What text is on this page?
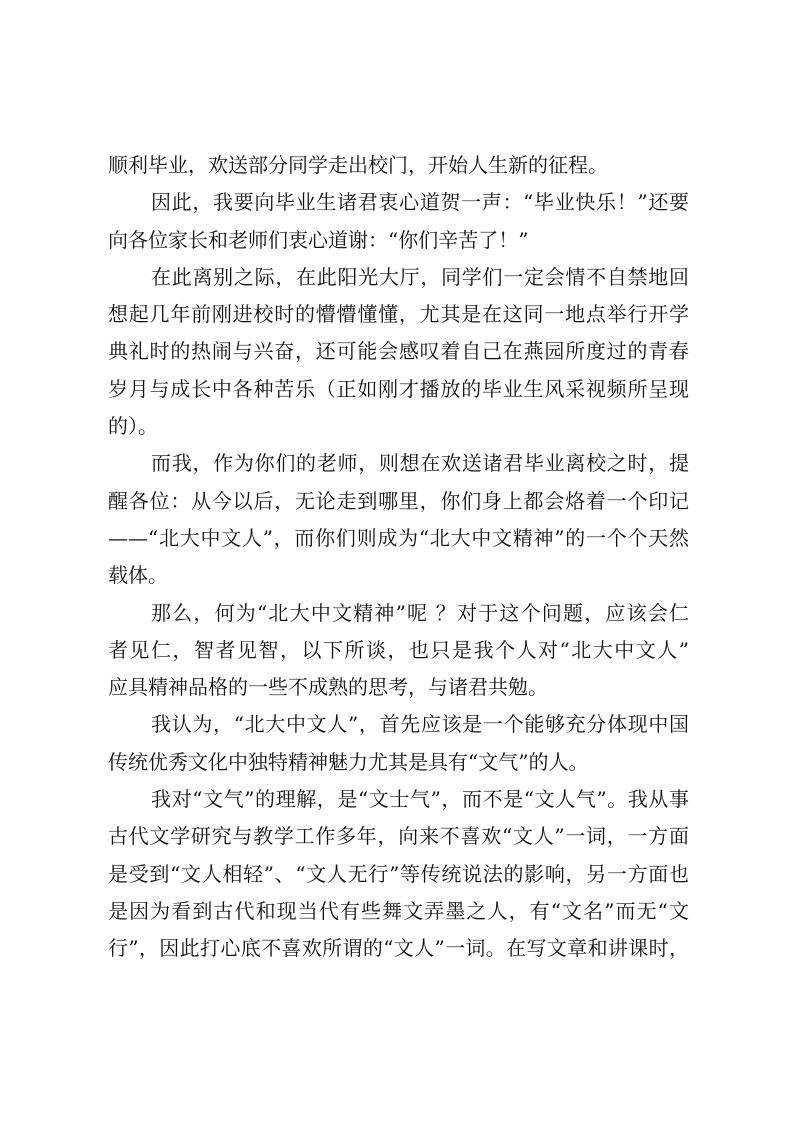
顺利毕业，欢送部分同学走出校门，开始人生新的征程。
因此，我要向毕业生诸君衷心道贺一声：“毕业快乐！”还要
向各位家长和老师们衷心道谢：“你们辛苦了！”
在此离别之际，在此阳光大厅，同学们一定会情不自禁地回
想起几年前刚进校时的懵懵懂懂，尤其是在这同一地点举行开学
典礼时的热闹与兴奋，还可能会感叹着自己在燕园所度过的青春
岁月与成长中各种苦乐（正如刚才播放的毕业生风采视频所呈现
的）。
而我，作为你们的老师，则想在欢送诸君毕业离校之时，提
醒各位：从今以后，无论走到哪里，你们身上都会烙着一个印记
——“北大中文人”，而你们则成为“北大中文精神”的一个个天然
载体。
那么，何为“北大中文精神”呢 ？对于这个问题，应该会仁
者见仁，智者见智，以下所谈，也只是我个人对“北大中文人”
应具精神品格的一些不成熟的思考，与诸君共勉。
我认为，“北大中文人”，首先应该是一个能够充分体现中国
传统优秀文化中独特精神魅力尤其是具有“文气”的人。
我对“文气”的理解，是“文士气”，而不是“文人气”。我从事
古代文学研究与教学工作多年，向来不喜欢“文人”一词，一方面
是受到“文人相轻”、“文人无行”等传统说法的影响，另一方面也
是因为看到古代和现当代有些舞文弄墨之人，有“文名”而无“文
行”，因此打心底不喜欢所谓的“文人”一词。在写文章和讲课时，
